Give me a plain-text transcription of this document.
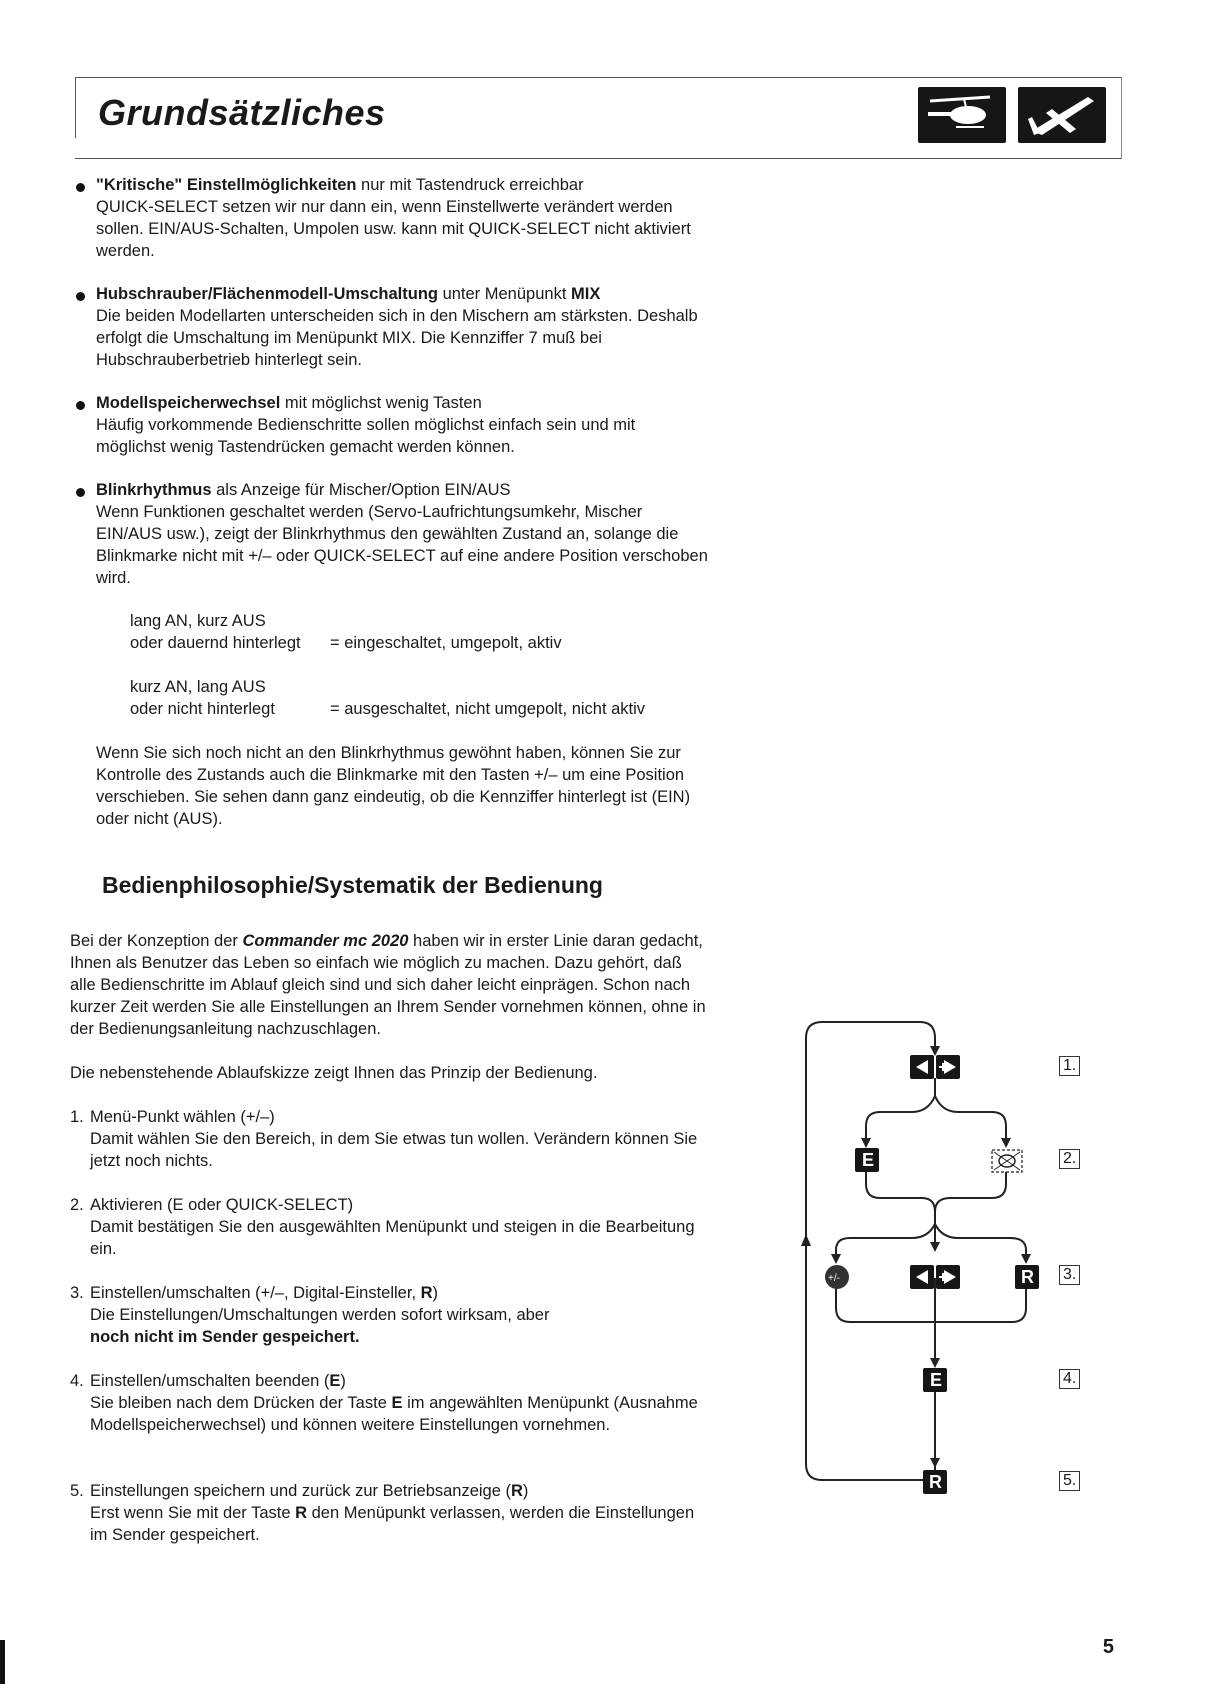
Grundsätzliches
"Kritische" Einstellmöglichkeiten nur mit Tastendruck erreichbar

QUICK-SELECT setzen wir nur dann ein, wenn Einstellwerte verändert werden sollen. EIN/AUS-Schalten, Umpolen usw. kann mit QUICK-SELECT nicht aktiviert werden.

Hubschrauber/Flächenmodell-Umschaltung unter Menüpunkt MIX

Die beiden Modellarten unterscheiden sich in den Mischern am stärksten. Deshalb erfolgt die Umschaltung im Menüpunkt MIX. Die Kennziffer 7 muß bei Hubschrauberbetrieb hinterlegt sein.

Modellspeicherwechsel mit möglichst wenig Tasten

Häufig vorkommende Bedienschritte sollen möglichst einfach sein und mit möglichst wenig Tastendrücken gemacht werden können.

Blinkrhythmus als Anzeige für Mischer/Option EIN/AUS

Wenn Funktionen geschaltet werden (Servo-Laufrichtungsumkehr, Mischer EIN/AUS usw.), zeigt der Blinkrhythmus den gewählten Zustand an, solange die Blinkmarke nicht mit +/– oder QUICK-SELECT auf eine andere Position verschoben wird.

lang AN, kurz AUS
oder dauernd hinterlegt = eingeschaltet, umgepolt, aktiv
kurz AN, lang AUS
oder nicht hinterlegt	= ausgeschaltet, nicht umgepolt, nicht aktiv

Wenn Sie sich noch nicht an den Blinkrhythmus gewöhnt haben, können Sie zur Kontrolle des Zustands auch die Blinkmarke mit den Tasten +/– um eine Position verschieben. Sie sehen dann ganz eindeutig, ob die Kennziffer hinterlegt ist (EIN) oder nicht (AUS).

Bedienphilosophie/Systematik der Bedienung

Bei der Konzeption der Commander mc 2020 haben wir in erster Linie daran gedacht, Ihnen als Benutzer das Leben so einfach wie möglich zu machen. Dazu gehört, daß alle Bedienschritte im Ablauf gleich sind und sich daher leicht einprägen. Schon nach kurzer Zeit werden Sie alle Einstellungen an Ihrem Sender vornehmen können, ohne in der Bedienungsanleitung nachzuschlagen.

Die nebenstehende Ablaufskizze zeigt Ihnen das Prinzip der Bedienung.

1. Menü-Punkt wählen (+/–)

Damit wählen Sie den Bereich, in dem Sie etwas tun wollen. Verändern können Sie jetzt noch nichts.

2. Aktivieren (E oder QUICK-SELECT)

Damit bestätigen Sie den ausgewählten Menüpunkt und steigen in die Bearbeitung ein.

3. Einstellen/umschalten (+/–, Digital-Einsteller, R)

Die Einstellungen/Umschaltungen werden sofort wirksam, aber

noch nicht im Sender gespeichert.

4. Einstellen/umschalten beenden (E)

Sie bleiben nach dem Drücken der Taste E im angewählten Menüpunkt (Ausnahme Modellspeicherwechsel) und können weitere Einstellungen vornehmen.

5. Einstellungen speichern und zurück zur Betriebsanzeige (R)

Erst wenn Sie mit der Taste R den Menüpunkt verlassen, werden die Einstellungen im Sender gespeichert.

E
+/-	R
E
R
1.
2.
3.
4.
5.
5
